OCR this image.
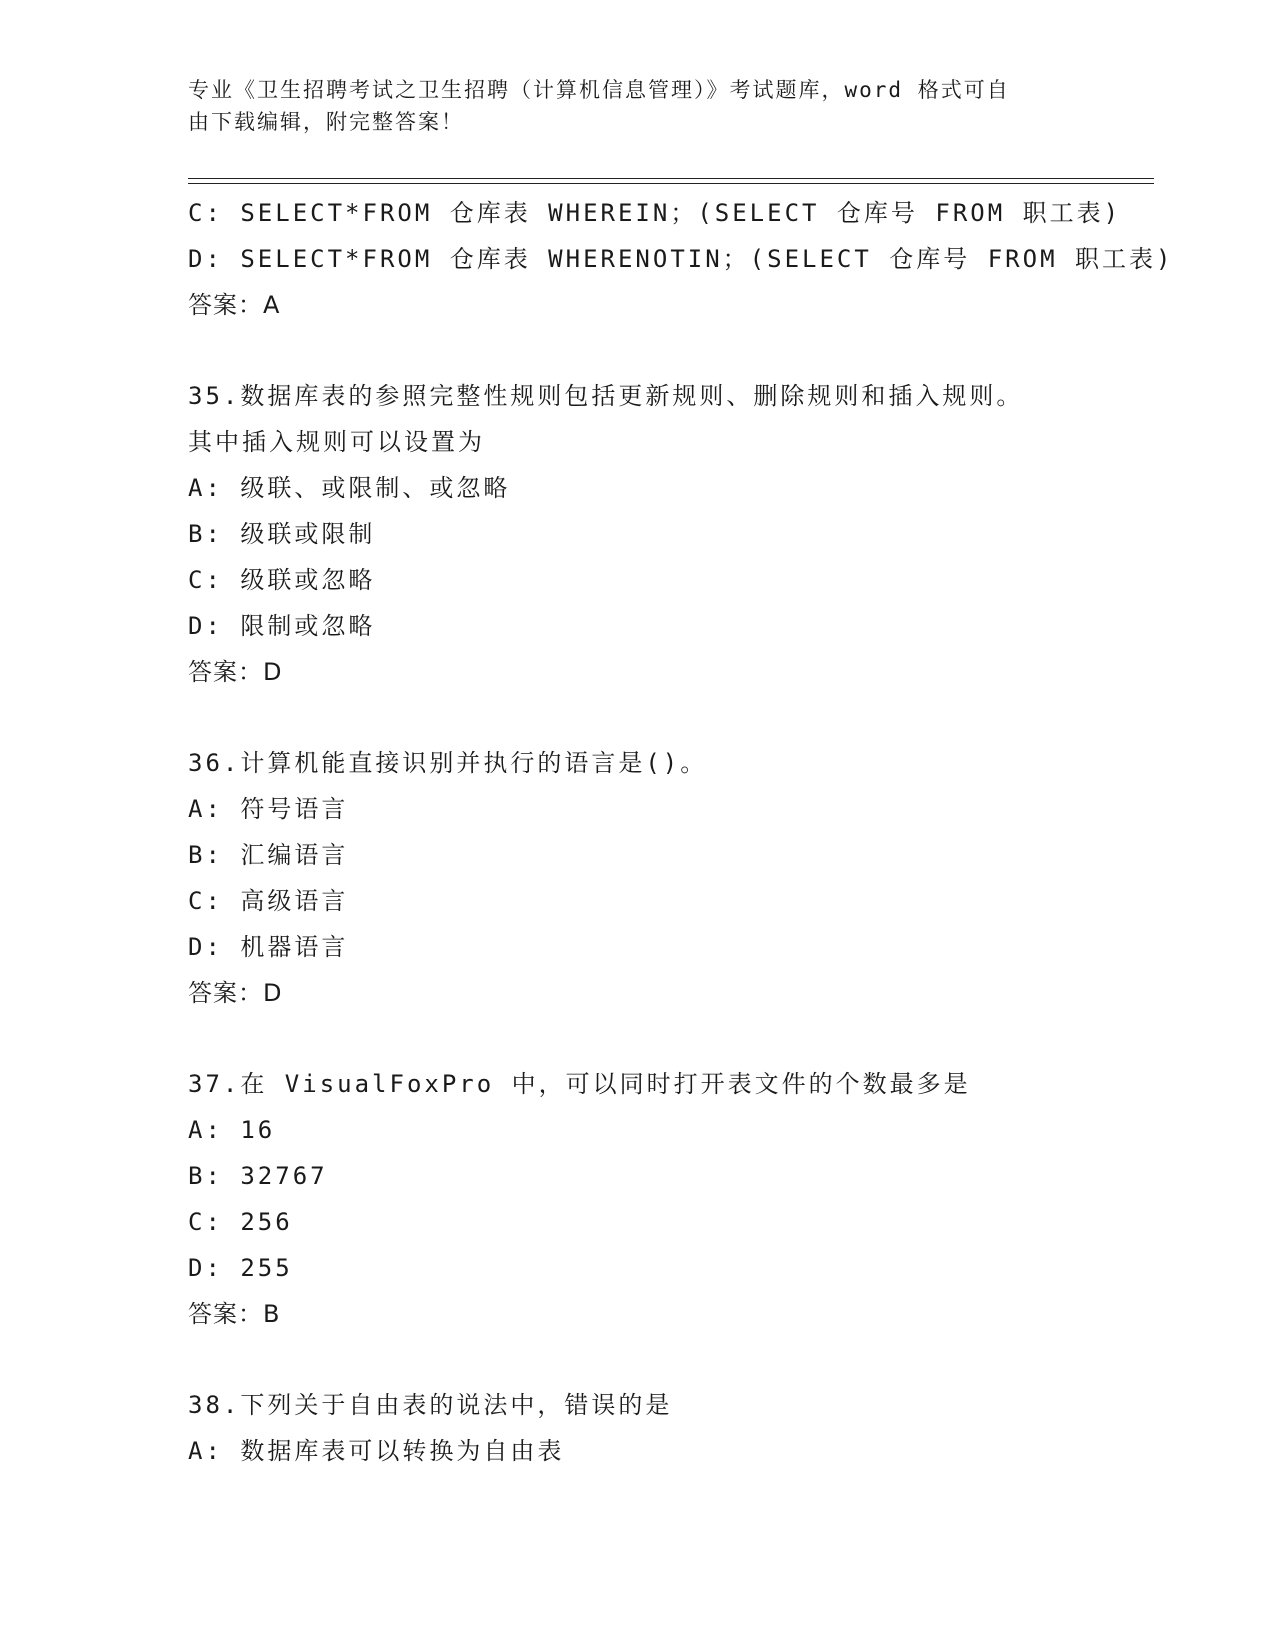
专业《卫生招聘考试之卫生招聘（计算机信息管理）》考试题库，word 格式可自
由下载编辑，附完整答案！
C: SELECT*FROM 仓库表 WHEREIN；(SELECT 仓库号 FROM 职工表)
D: SELECT*FROM 仓库表 WHERENOTIN；(SELECT 仓库号 FROM 职工表)
答案：A
35.数据库表的参照完整性规则包括更新规则、删除规则和插入规则。
其中插入规则可以设置为
A: 级联、或限制、或忽略
B: 级联或限制
C: 级联或忽略
D: 限制或忽略
答案：D
36.计算机能直接识别并执行的语言是()。
A: 符号语言
B: 汇编语言
C: 高级语言
D: 机器语言
答案：D
37.在 VisualFoxPro 中，可以同时打开表文件的个数最多是
A: 16
B: 32767
C: 256
D: 255
答案：B
38.下列关于自由表的说法中，错误的是
A: 数据库表可以转换为自由表
